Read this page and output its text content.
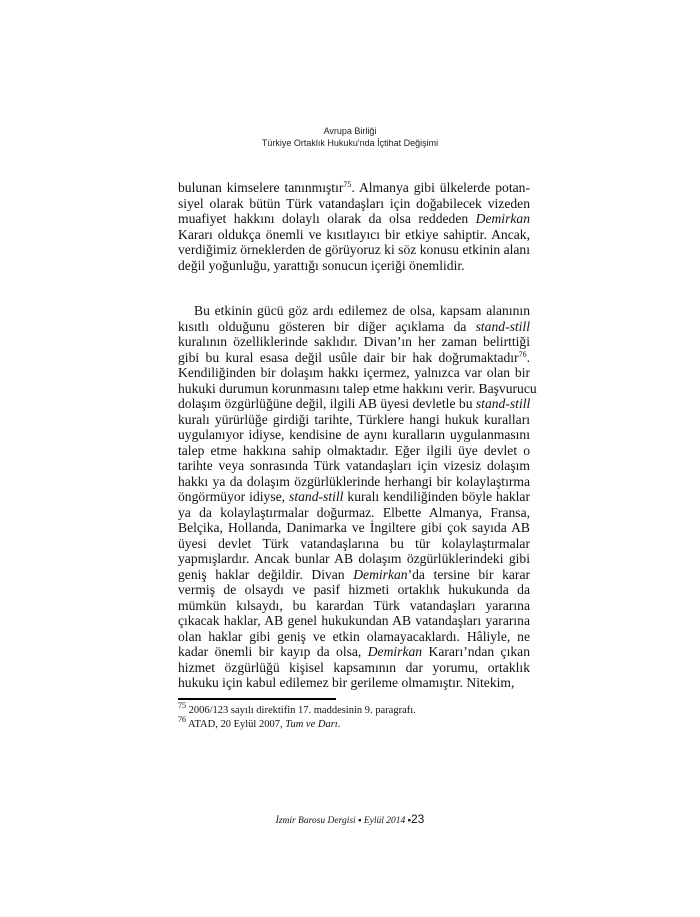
Avrupa Birliği
Türkiye Ortaklık Hukuku'nda İçtihat Değişimi
bulunan kimselere tanınmıştır$^{75}$. Almanya gibi ülkelerde potan-
siyel olarak bütün Türk vatandaşları için doğabilecek vizeden
muafiyet hakkını dolaylı olarak da olsa reddeden Demirkan
Kararı oldukça önemli ve kısıtlayıcı bir etkiye sahiptir. Ancak,
verdiğimiz örneklerden de görüyoruz ki söz konusu etkinin alanı
değil yoğunluğu, yarattığı sonucun içeriği önemlidir.
Bu etkinin gücü göz ardı edilemez de olsa, kapsam alanının
kısıtlı olduğunu gösteren bir diğer açıklama da stand-still
kuralının özelliklerinde saklıdır. Divan’ın her zaman belirttiği
gibi bu kural esasa değil usûle dair bir hak doğrumaktadır$^{76}$.
Kendiliğinden bir dolaşım hakkı içermez, yalnızca var olan bir
hukuki durumun korunmasını talep etme hakkını verir. Başvurucu
dolaşım özgürlüğüne değil, ilgili AB üyesi devletle bu stand-still
kuralı yürürlüğe girdiği tarihte, Türklere hangi hukuk kuralları
uygulanıyor idiyse, kendisine de aynı kuralların uygulanmasını
talep etme hakkına sahip olmaktadır. Eğer ilgili üye devlet o
tarihte veya sonrasında Türk vatandaşları için vizesiz dolaşım
hakkı ya da dolaşım özgürlüklerinde herhangi bir kolaylaştırma
öngörmüyor idiyse, stand-still kuralı kendiliğinden böyle haklar
ya da kolaylaştırmalar doğurmaz. Elbette Almanya, Fransa,
Belçika, Hollanda, Danimarka ve İngiltere gibi çok sayıda AB
üyesi devlet Türk vatandaşlarına bu tür kolaylaştırmalar
yapmışlardır. Ancak bunlar AB dolaşım özgürlüklerindeki gibi
geniş haklar değildir. Divan Demirkan’da tersine bir karar
vermiş de olsaydı ve pasif hizmeti ortaklık hukukunda da
mümkün kılsaydı, bu karardan Türk vatandaşları yararına
çıkacak haklar, AB genel hukukundan AB vatandaşları yararına
olan haklar gibi geniş ve etkin olamayacaklardı. Hâliyle, ne
kadar önemli bir kayıp da olsa, Demirkan Kararı’ndan çıkan
hizmet özgürlüğü kişisel kapsamının dar yorumu, ortaklık
hukuku için kabul edilemez bir gerileme olmamıştır. Nitekim,
$^{75}$ 2006/123 sayılı direktifin 17. maddesinin 9. paragrafı.
$^{76}$ ATAD, 20 Eylül 2007, Tum ve Darı.
İzmir Barosu Dergisi ▪ Eylül 2014 ▪23
